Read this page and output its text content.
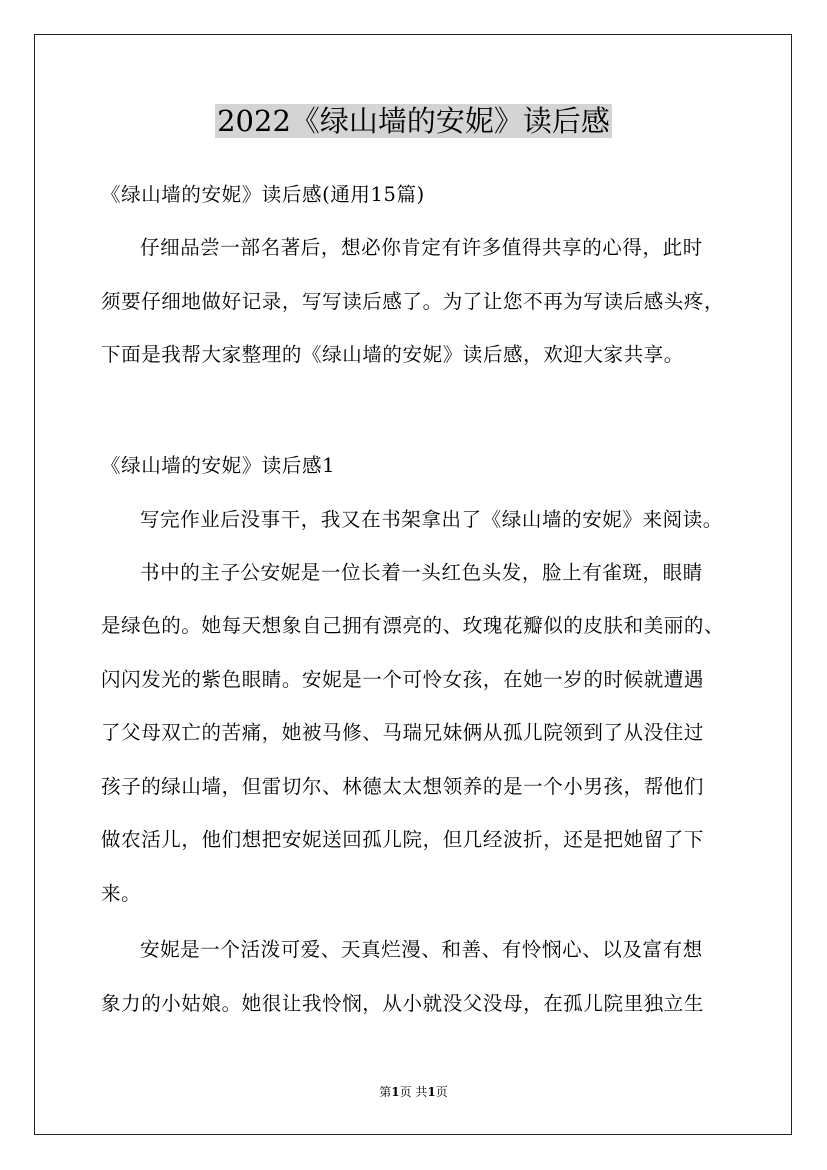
2022《绿山墙的安妮》读后感
《绿山墙的安妮》读后感(通用15篇)
仔细品尝一部名著后，想必你肯定有许多值得共享的心得，此时
须要仔细地做好记录，写写读后感了。为了让您不再为写读后感头疼，
下面是我帮大家整理的《绿山墙的安妮》读后感，欢迎大家共享。
《绿山墙的安妮》读后感1
写完作业后没事干，我又在书架拿出了《绿山墙的安妮》来阅读。
书中的主子公安妮是一位长着一头红色头发，脸上有雀斑，眼睛
是绿色的。她每天想象自己拥有漂亮的、玫瑰花瓣似的皮肤和美丽的、
闪闪发光的紫色眼睛。安妮是一个可怜女孩，在她一岁的时候就遭遇
了父母双亡的苦痛，她被马修、马瑞兄妹俩从孤儿院领到了从没住过
孩子的绿山墙，但雷切尔、林德太太想领养的是一个小男孩，帮他们
做农活儿，他们想把安妮送回孤儿院，但几经波折，还是把她留了下
来。
安妮是一个活泼可爱、天真烂漫、和善、有怜悯心、以及富有想
象力的小姑娘。她很让我怜悯，从小就没父没母，在孤儿院里独立生
第1页 共1页
